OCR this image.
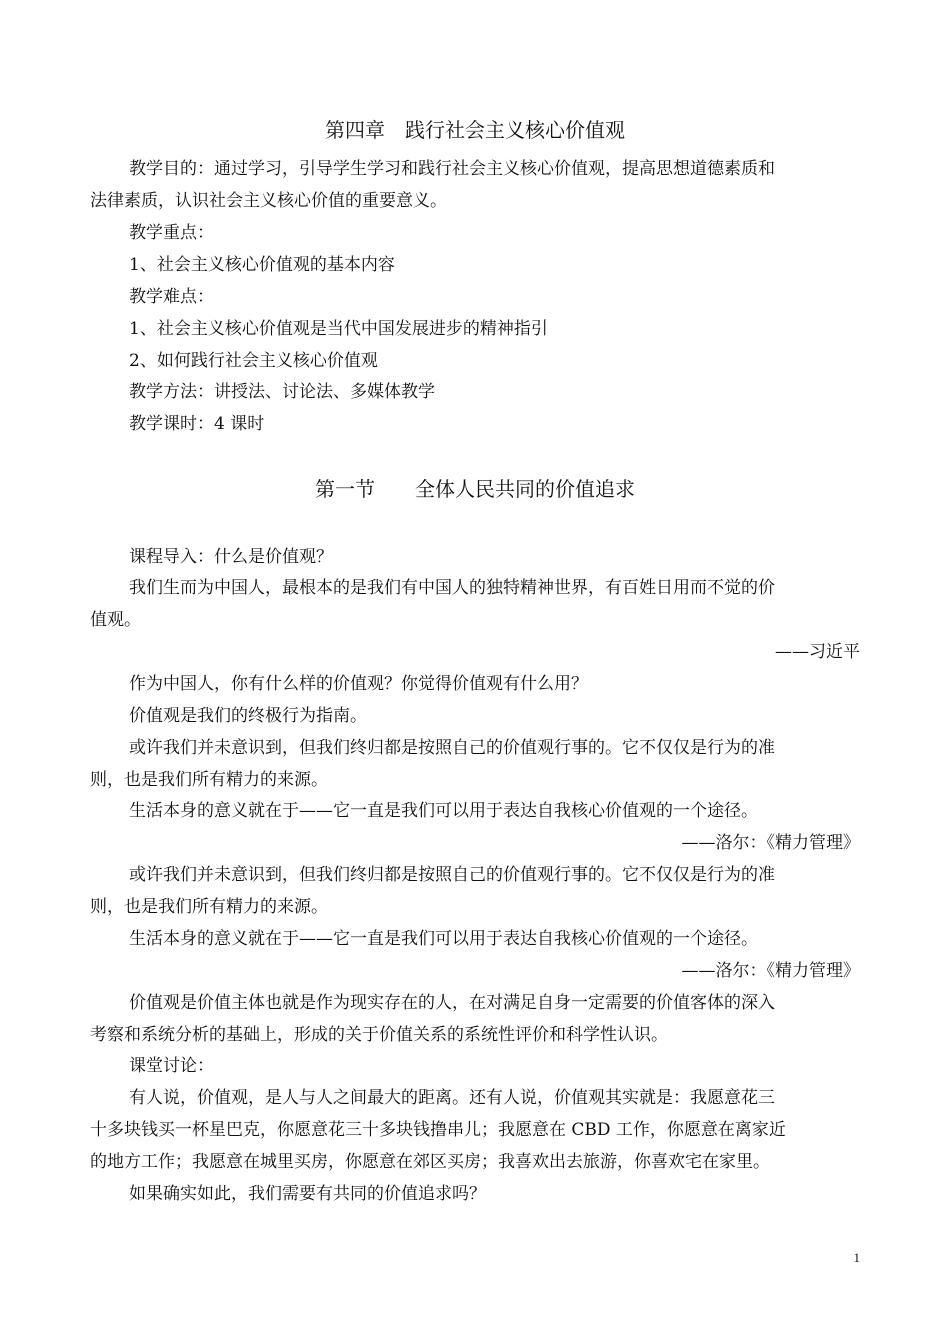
第四章　践行社会主义核心价值观
教学目的：通过学习，引导学生学习和践行社会主义核心价值观，提高思想道德素质和
法律素质，认识社会主义核心价值的重要意义。
教学重点：
1、社会主义核心价值观的基本内容
教学难点：
1、社会主义核心价值观是当代中国发展进步的精神指引
2、如何践行社会主义核心价值观
教学方法：讲授法、讨论法、多媒体教学
教学课时：4 课时
第一节　　全体人民共同的价值追求
课程导入：什么是价值观？
我们生而为中国人，最根本的是我们有中国人的独特精神世界，有百姓日用而不觉的价
值观。
——习近平
作为中国人，你有什么样的价值观？你觉得价值观有什么用？
价值观是我们的终极行为指南。
或许我们并未意识到，但我们终归都是按照自己的价值观行事的。它不仅仅是行为的准
则，也是我们所有精力的来源。
生活本身的意义就在于——它一直是我们可以用于表达自我核心价值观的一个途径。
——洛尔：《精力管理》
或许我们并未意识到，但我们终归都是按照自己的价值观行事的。它不仅仅是行为的准
则，也是我们所有精力的来源。
生活本身的意义就在于——它一直是我们可以用于表达自我核心价值观的一个途径。
——洛尔：《精力管理》
价值观是价值主体也就是作为现实存在的人，在对满足自身一定需要的价值客体的深入
考察和系统分析的基础上，形成的关于价值关系的系统性评价和科学性认识。
课堂讨论：
有人说，价值观，是人与人之间最大的距离。还有人说，价值观其实就是：我愿意花三
十多块钱买一杯星巴克，你愿意花三十多块钱撸串儿；我愿意在 CBD 工作，你愿意在离家近
的地方工作；我愿意在城里买房，你愿意在郊区买房；我喜欢出去旅游，你喜欢宅在家里。
如果确实如此，我们需要有共同的价值追求吗？
1
